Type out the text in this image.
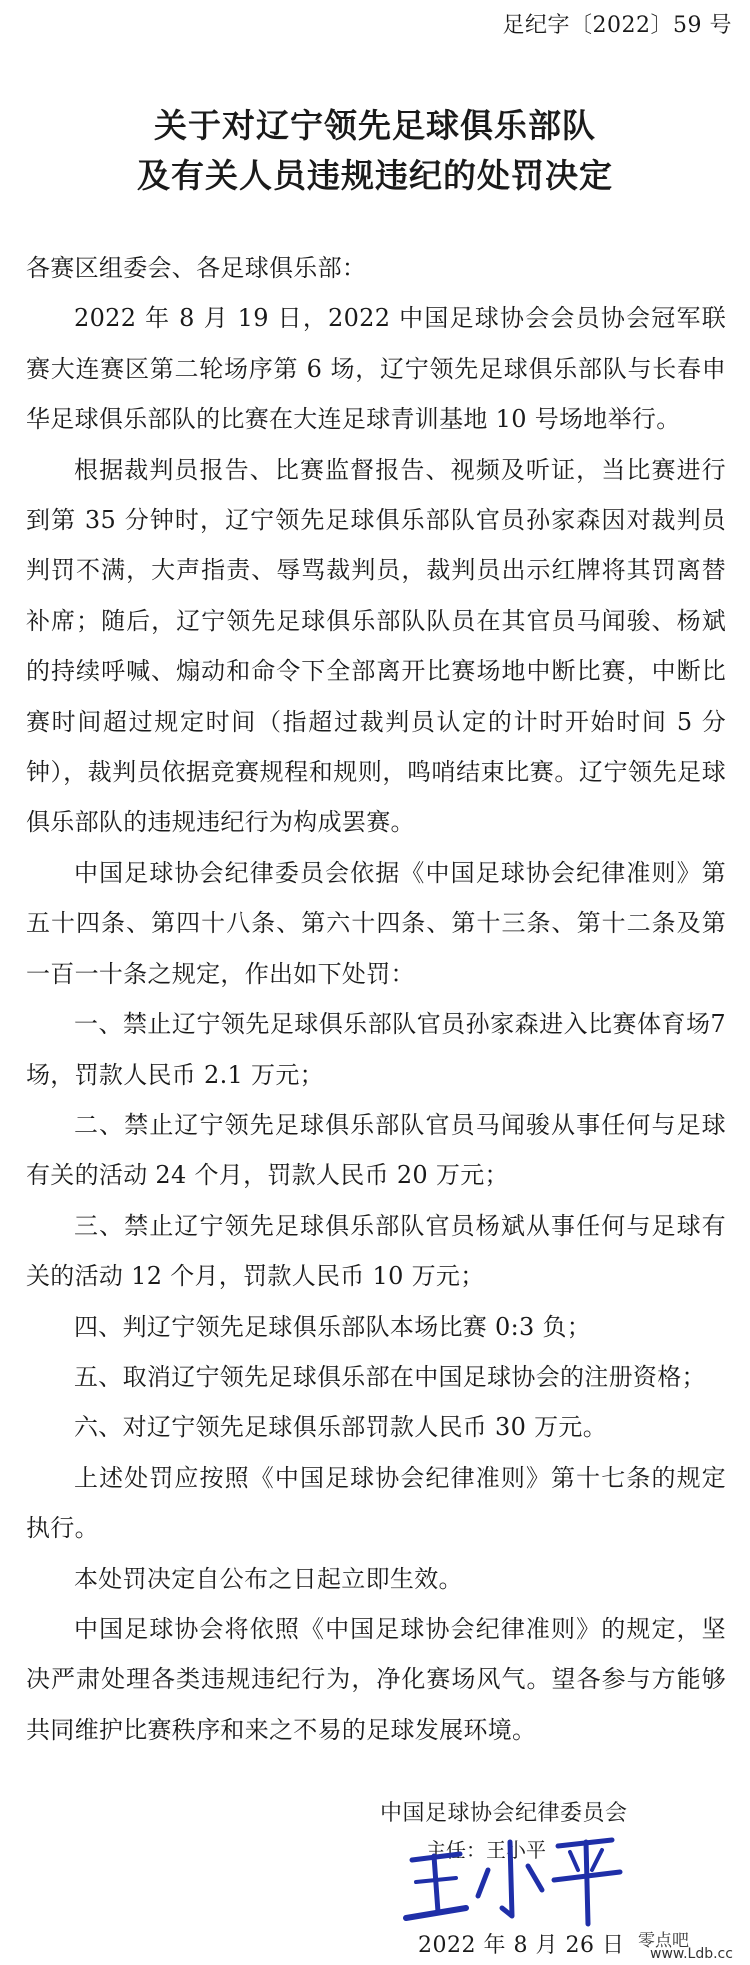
足纪字〔2022〕59 号
关于对辽宁领先足球俱乐部队
及有关人员违规违纪的处罚决定

各赛区组委会、各足球俱乐部：

2022 年 8 月 19 日，2022 中国足球协会会员协会冠军联赛大连赛区第二轮场序第 6 场，辽宁领先足球俱乐部队与长春申华足球俱乐部队的比赛在大连足球青训基地 10 号场地举行。

根据裁判员报告、比赛监督报告、视频及听证，当比赛进行到第 35 分钟时，辽宁领先足球俱乐部队官员孙家森因对裁判员判罚不满，大声指责、辱骂裁判员，裁判员出示红牌将其罚离替补席；随后，辽宁领先足球俱乐部队队员在其官员马闻骏、杨斌的持续呼喊、煽动和命令下全部离开比赛场地中断比赛，中断比赛时间超过规定时间（指超过裁判员认定的计时开始时间 5 分钟），裁判员依据竞赛规程和规则，鸣哨结束比赛。辽宁领先足球俱乐部队的违规违纪行为构成罢赛。

中国足球协会纪律委员会依据《中国足球协会纪律准则》第五十四条、第四十八条、第六十四条、第十三条、第十二条及第一百一十条之规定，作出如下处罚：

一、禁止辽宁领先足球俱乐部队官员孙家森进入比赛体育场7场，罚款人民币 2.1 万元；

二、禁止辽宁领先足球俱乐部队官员马闻骏从事任何与足球有关的活动 24 个月，罚款人民币 20 万元；

三、禁止辽宁领先足球俱乐部队官员杨斌从事任何与足球有关的活动 12 个月，罚款人民币 10 万元；

四、判辽宁领先足球俱乐部队本场比赛 0:3 负；

五、取消辽宁领先足球俱乐部在中国足球协会的注册资格；

六、对辽宁领先足球俱乐部罚款人民币 30 万元。

上述处罚应按照《中国足球协会纪律准则》第十七条的规定执行。

本处罚决定自公布之日起立即生效。

中国足球协会将依照《中国足球协会纪律准则》的规定，坚决严肃处理各类违规违纪行为，净化赛场风气。望各参与方能够共同维护比赛秩序和来之不易的足球发展环境。

中国足球协会纪律委员会
主任：王小平
2022 年 8 月 26 日 零点吧
www.Ldb.cc
